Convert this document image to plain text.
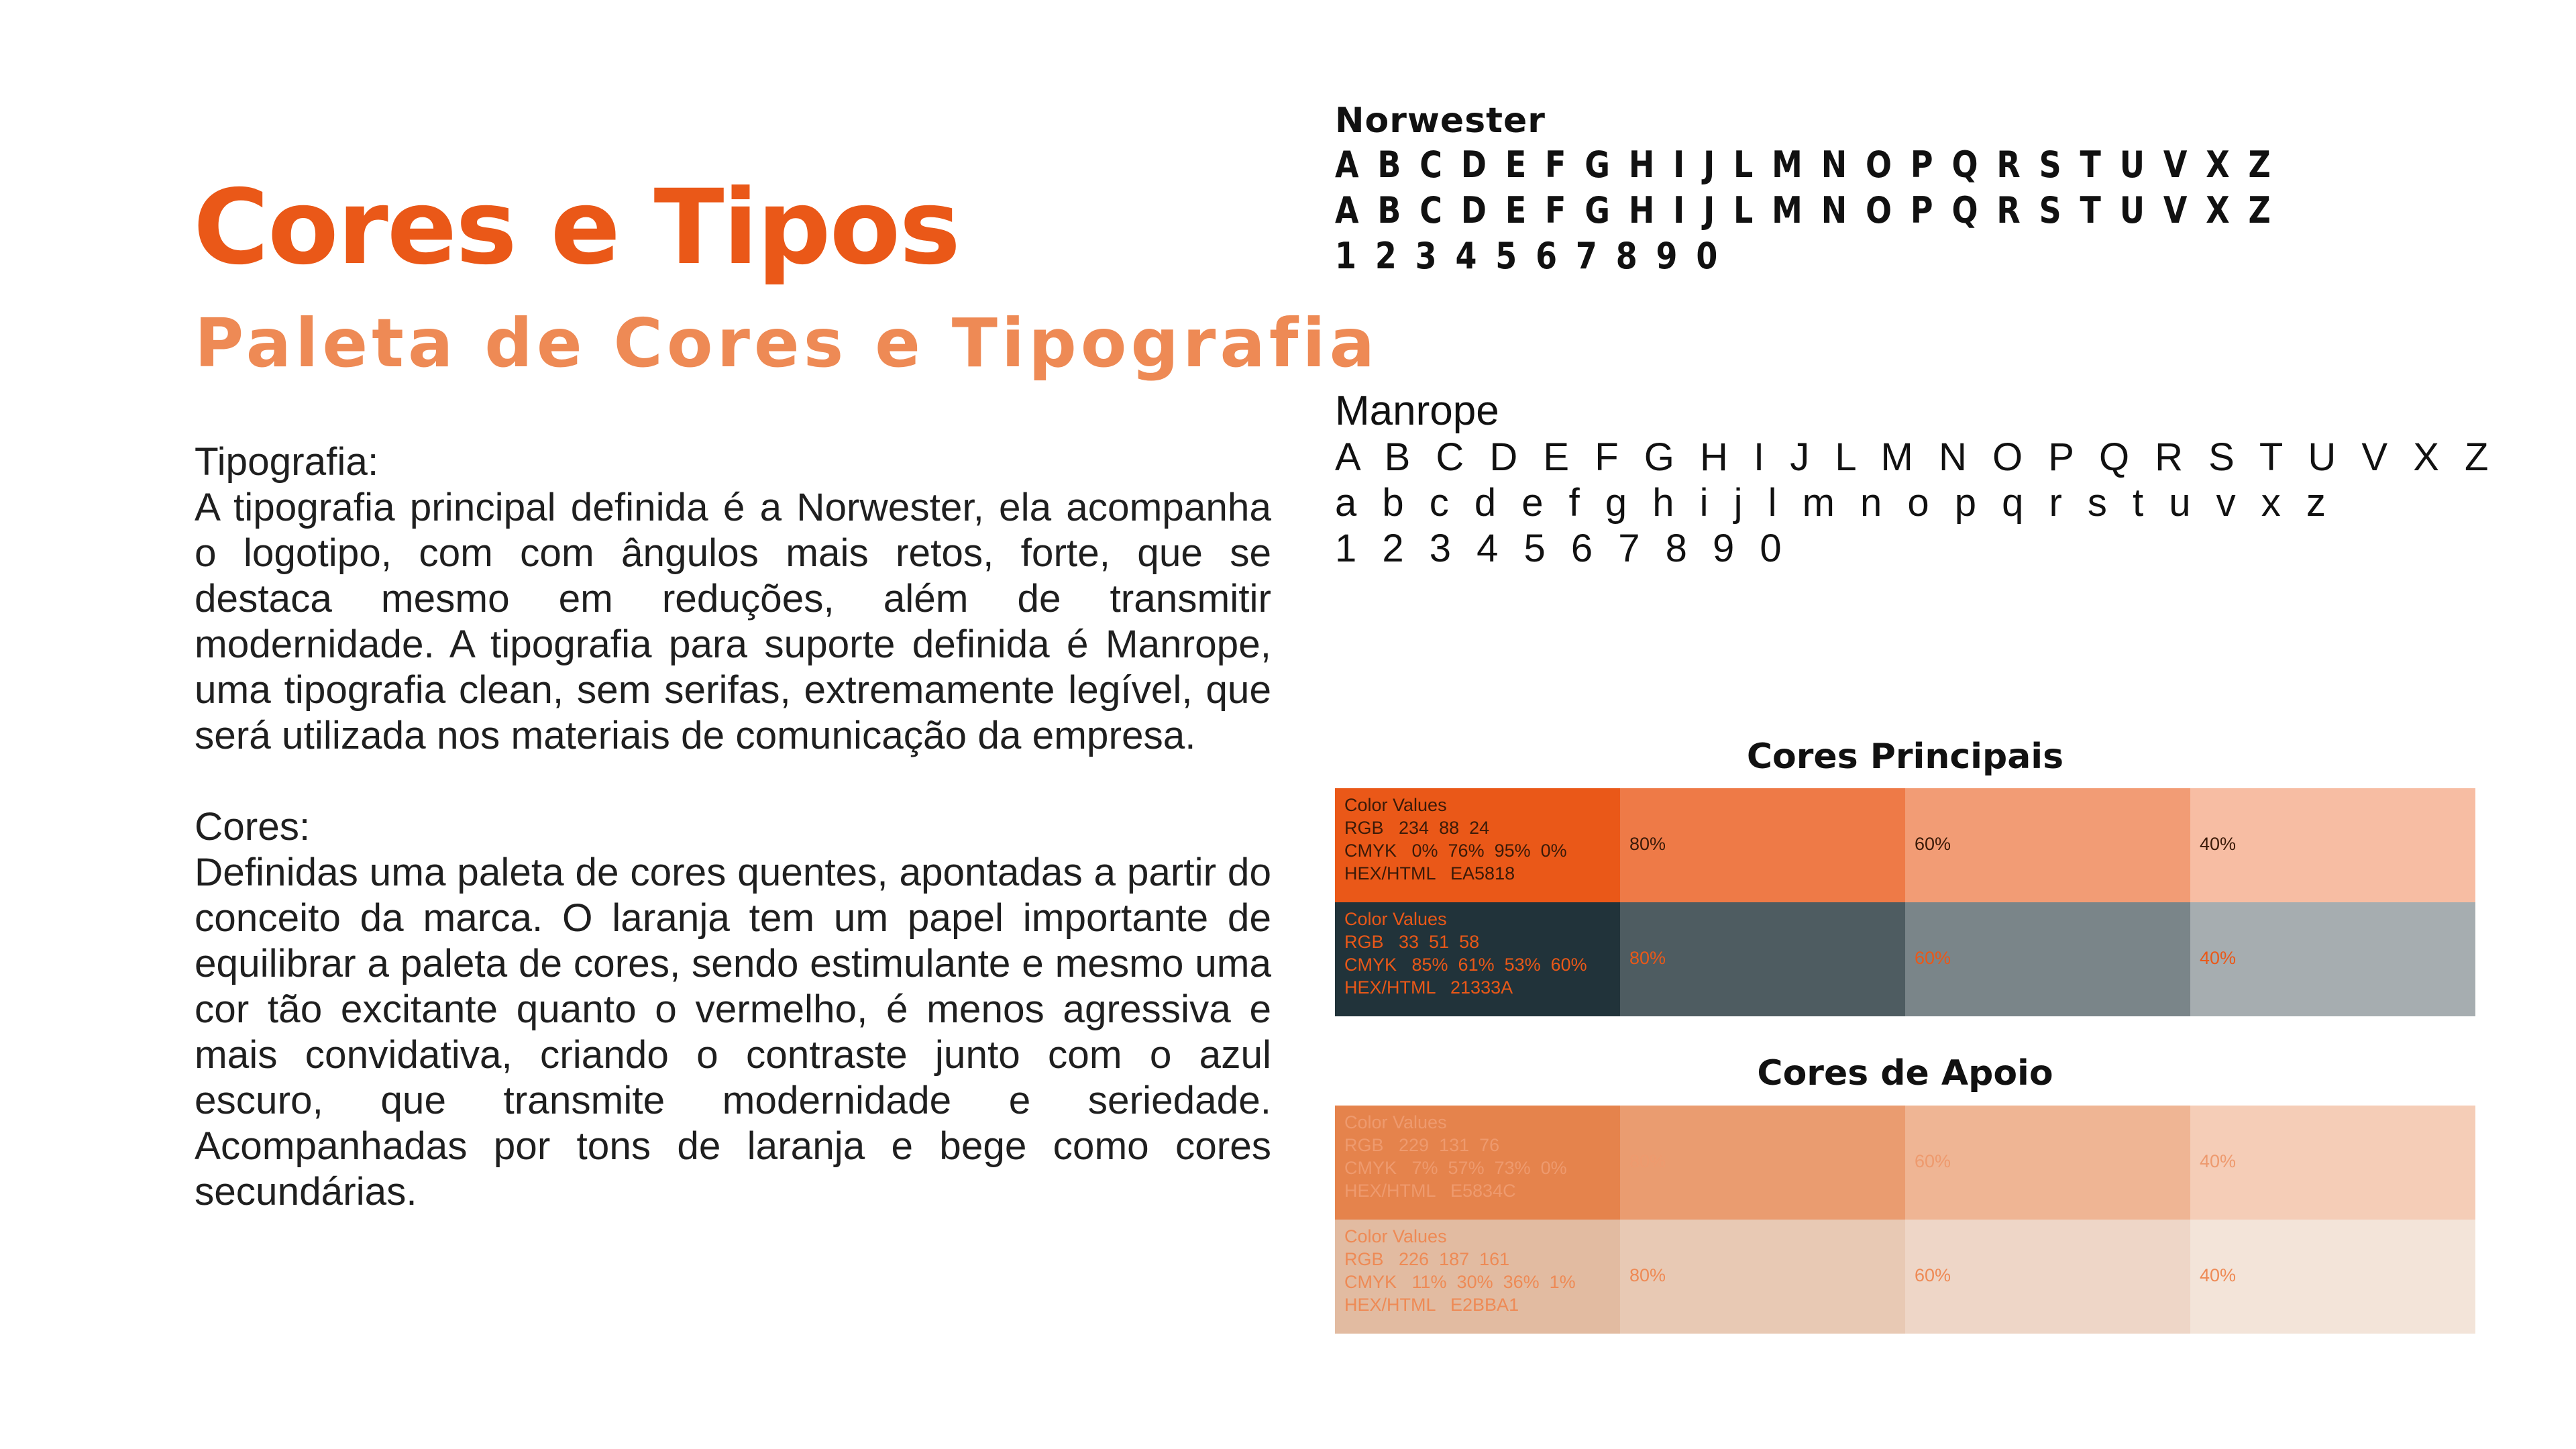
Cores e Tipos
Paleta de Cores e Tipografia
Tipografia:
A tipografia principal definida é a Norwester, ela acompanha o logotipo, com com ângulos mais retos, forte, que se destaca mesmo em reduções, além de transmitir modernidade. A tipografia para suporte definida é Manrope, uma tipografia clean, sem serifas, extremamente legível, que será utilizada nos materiais de comunicação da empresa.
Cores:
Definidas uma paleta de cores quentes, apontadas a partir do conceito da marca. O laranja tem um papel importante de equilibrar a paleta de cores, sendo estimulante e mesmo uma cor tão excitante quanto o vermelho, é menos agressiva e mais convidativa, criando o contraste junto com o azul escuro, que transmite modernidade e seriedade. Acompanhadas por tons de laranja e bege como cores secundárias.
Norwester
A B C D E F G H I J L M N O P Q R S T U V X Z
A B C D E F G H I J L M N O P Q R S T U V X Z
1 2 3 4 5 6 7 8 9 0
Manrope
A B C D E F G H I J L M N O P Q R S T U V X Z
a b c d e f g h i j l m n o p q r s t u v x z
1 2 3 4 5 6 7 8 9 0
Cores Principais
Color Values
RGB   234  88  24
CMYK   0%  76%  95%  0%
HEX/HTML   EA5818
80%	60%	40%
Color Values
RGB   33  51  58
CMYK   85%  61%  53%  60%
HEX/HTML   21333A
80%	60%	40%
Cores de Apoio
Color Values
RGB   229  131  76
CMYK   7%  57%  73%  0%
HEX/HTML   E5834C
80%	60%	40%
Color Values
RGB   226  187  161
CMYK   11%  30%  36%  1%
HEX/HTML   E2BBA1
80%	60%	40%
